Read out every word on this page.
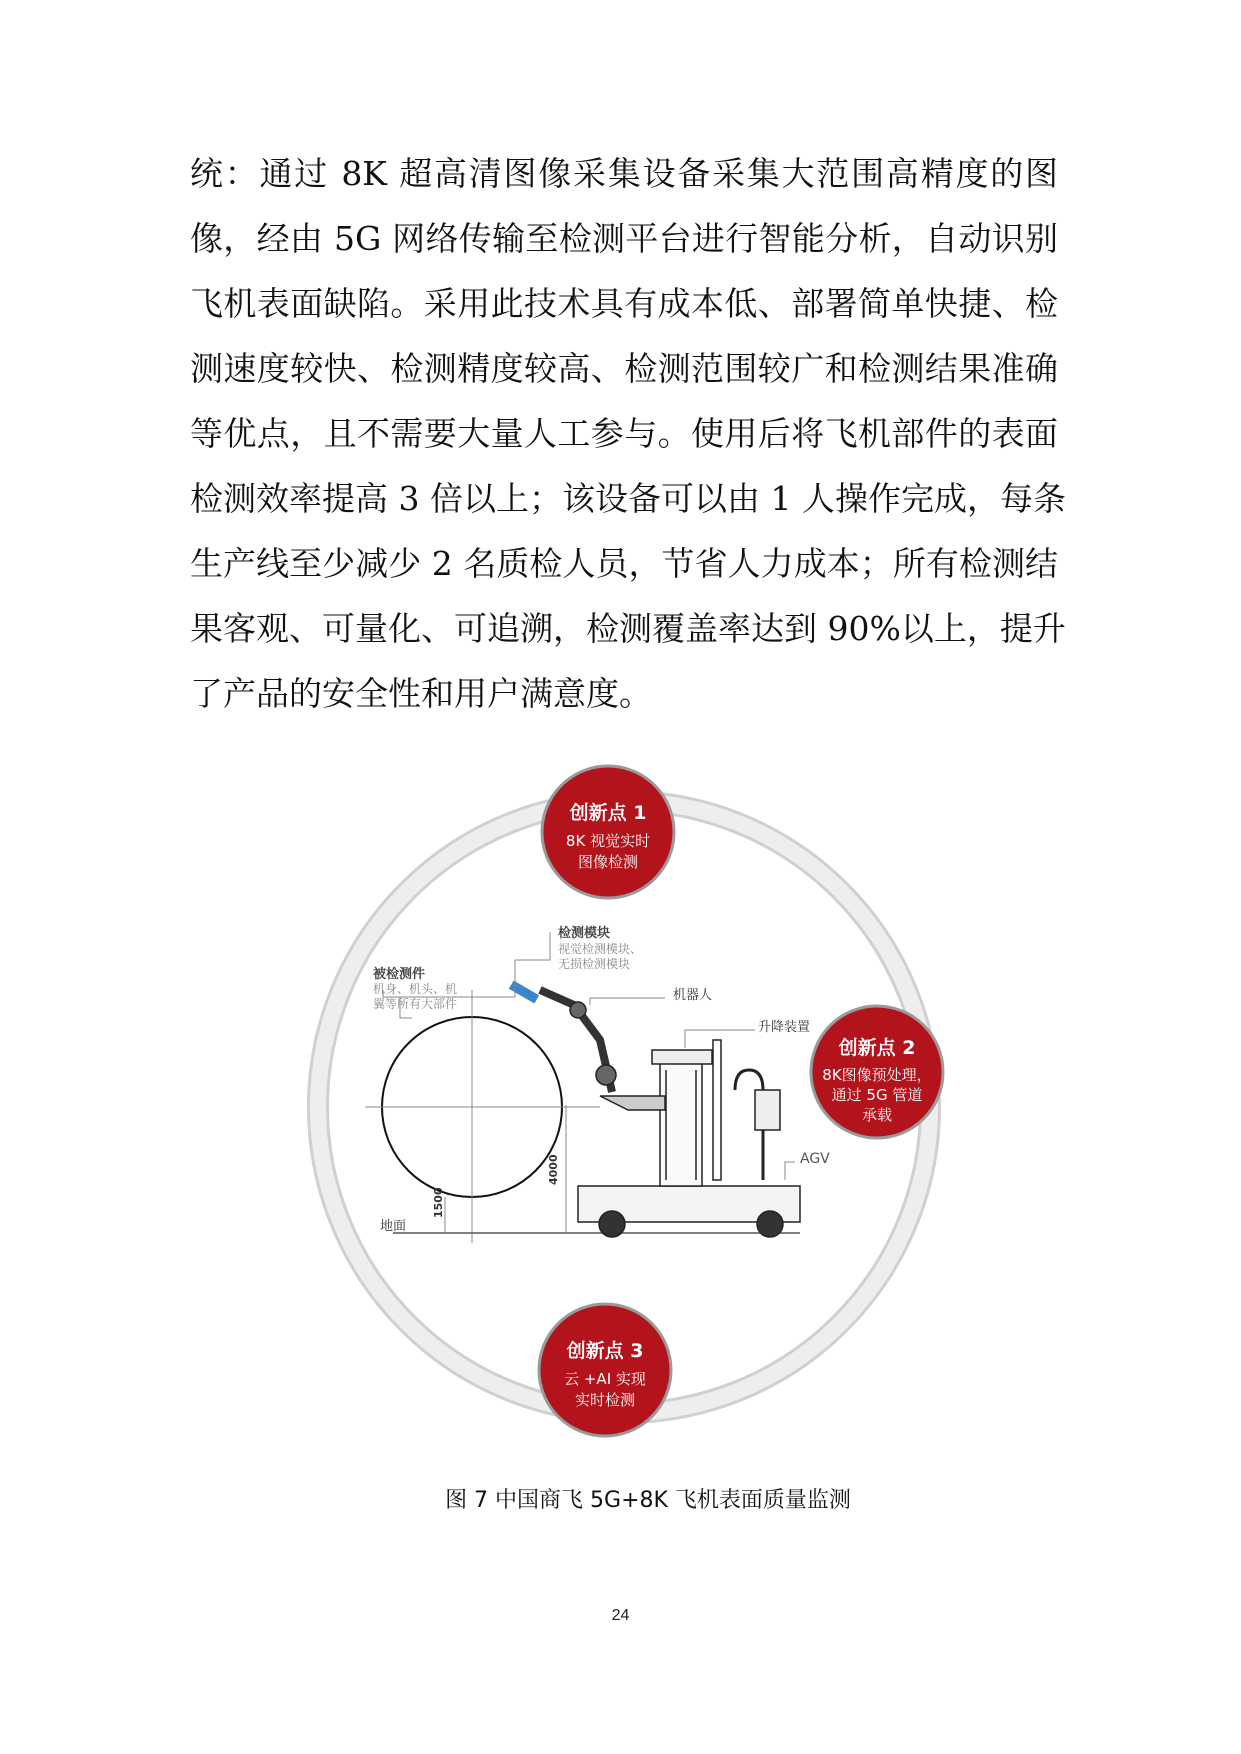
统：通过 8K 超高清图像采集设备采集大范围高精度的图
像，经由 5G 网络传输至检测平台进行智能分析，自动识别
飞机表面缺陷。采用此技术具有成本低、部署简单快捷、检
测速度较快、检测精度较高、检测范围较广和检测结果准确
等优点，且不需要大量人工参与。使用后将飞机部件的表面
检测效率提高 3 倍以上；该设备可以由 1 人操作完成，每条
生产线至少减少 2 名质检人员，节省人力成本；所有检测结
果客观、可量化、可追溯，检测覆盖率达到 90%以上，提升
了产品的安全性和用户满意度。
检测模块
视觉检测模块、
无损检测模块
被检测件
机身、机头、机
翼等所有大部件
机器人
升降装置
AGV
地面
1500
4000
创新点 1
8K 视觉实时
图像检测
创新点 2
8K图像预处理，
通过 5G 管道
承载
创新点 3
云 +AI 实现
实时检测
图 7 中国商飞 5G+8K 飞机表面质量监测
24
